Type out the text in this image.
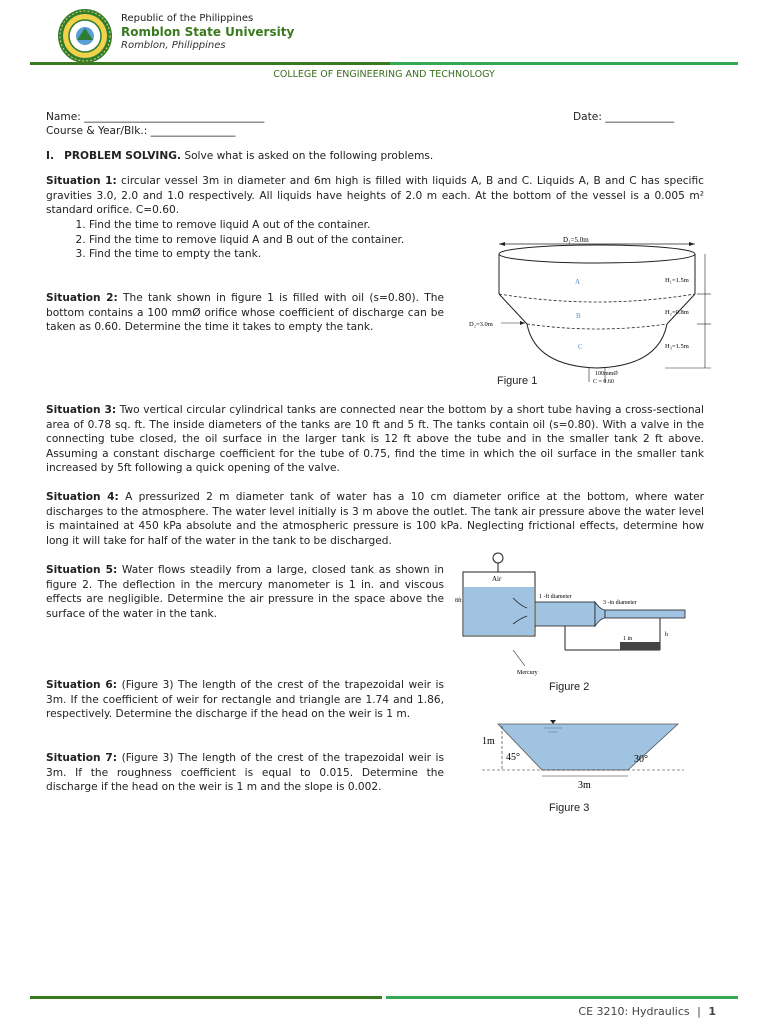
Republic of the Philippines
Romblon State University
Romblon, Philippines
COLLEGE OF ENGINEERING AND TECHNOLOGY
Name: __________________________________	Date: _____________
Course & Year/Blk.: ________________
I. PROBLEM SOLVING. Solve what is asked on the following problems.
Situation 1: circular vessel 3m in diameter and 6m high is filled with liquids A, B and C. Liquids A, B and C has specific gravities 3.0, 2.0 and 1.0 respectively. All liquids have heights of 2.0 m each. At the bottom of the vessel is a 0.005 m² standard orifice. C=0.60.
1. Find the time to remove liquid A out of the container.
2. Find the time to remove liquid A and B out of the container.
3. Find the time to empty the tank.
Situation 2: The tank shown in figure 1 is filled with oil (s=0.80). The bottom contains a 100 mmØ orifice whose coefficient of discharge can be taken as 0.60. Determine the time it takes to empty the tank.
D₁=5.0m
A
B
C
H₁=1.5m
H₂=0.8m
H₃=1.5m
D₂=3.0m
100mmØ
C = 0.60
Figure 1
Situation 3: Two vertical circular cylindrical tanks are connected near the bottom by a short tube having a cross-sectional area of 0.78 sq. ft. The inside diameters of the tanks are 10 ft and 5 ft. The tanks contain oil (s=0.80). With a valve in the connecting tube closed, the oil surface in the larger tank is 12 ft above the tube and in the smaller tank 2 ft above. Assuming a constant discharge coefficient for the tube of 0.75, find the time in which the oil surface in the smaller tank increased by 5ft following a quick opening of the valve.
Situation 4: A pressurized 2 m diameter tank of water has a 10 cm diameter orifice at the bottom, where water discharges to the atmosphere. The water level initially is 3 m above the outlet. The tank air pressure above the water level is maintained at 450 kPa absolute and the atmospheric pressure is 100 kPa. Neglecting frictional effects, determine how long it will take for half of the water in the tank to be discharged.
Situation 5: Water flows steadily from a large, closed tank as shown in figure 2. The deflection in the mercury manometer is 1 in. and viscous effects are negligible. Determine the air pressure in the space above the surface of the water in the tank.
Air
8ft
1 -ft diameter
3 -in diameter
h
1 in
Mercury
Figure 2
Situation 6: (Figure 3) The length of the crest of the trapezoidal weir is 3m. If the coefficient of weir for rectangle and triangle are 1.74 and 1.86, respectively. Determine the discharge if the head on the weir is 1 m.
Situation 7: (Figure 3) The length of the crest of the trapezoidal weir is 3m. If the roughness coefficient is equal to 0.015. Determine the discharge if the head on the weir is 1 m and the slope is 0.002.
1m
45°	30°
3m
Figure 3
CE 3210: Hydraulics | 1
